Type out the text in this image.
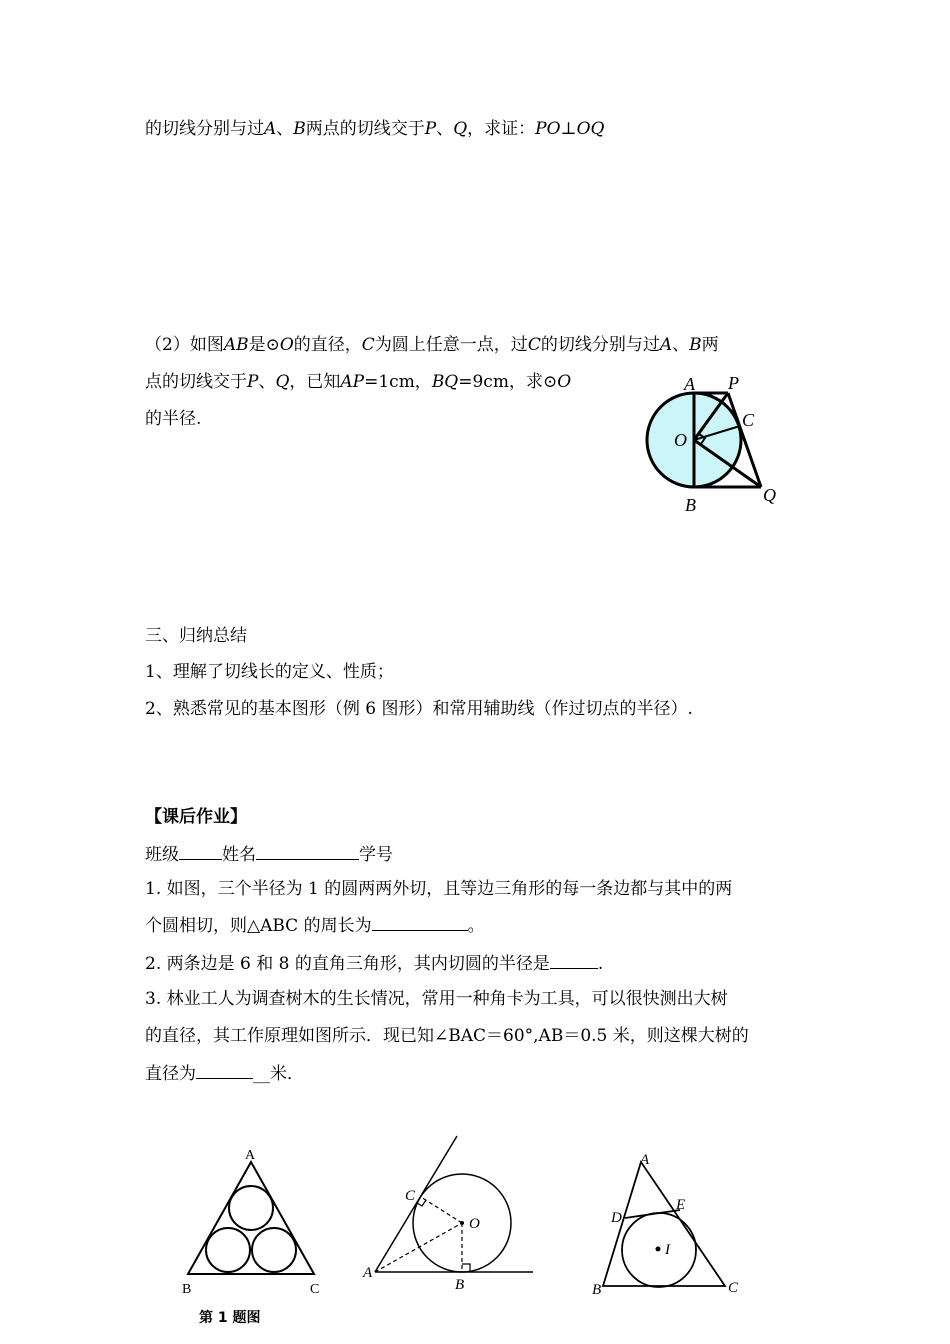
的切线分别与过A、B两点的切线交于P、Q，求证：PO⊥OQ
（2）如图AB是⊙O的直径，C为圆上任意一点，过C的切线分别与过A、B两
点的切线交于P、Q，已知AP=1cm，BQ=9cm，求⊙O
的半径.
A P
C
O
B	Q
三、归纳总结
1、理解了切线长的定义、性质；
2、熟悉常见的基本图形（例 6 图形）和常用辅助线（作过切点的半径）.
【课后作业】
班级	姓名	学号
1. 如图，三个半径为 1 的圆两两外切，且等边三角形的每一条边都与其中的两
个圆相切，则△ABC 的周长为	。
2. 两条边是 6 和 8 的直角三角形，其内切圆的半径是	.
3. 林业工人为调查树木的生长情况，常用一种角卡为工具，可以很快测出大树
的直径，其工作原理如图所示．现已知∠BAC＝60°,AB＝0.5 米，则这棵大树的
直径为	__米．
A
B	C
第 1 题图
A
B
C
O
A
D
E
I
B	C
